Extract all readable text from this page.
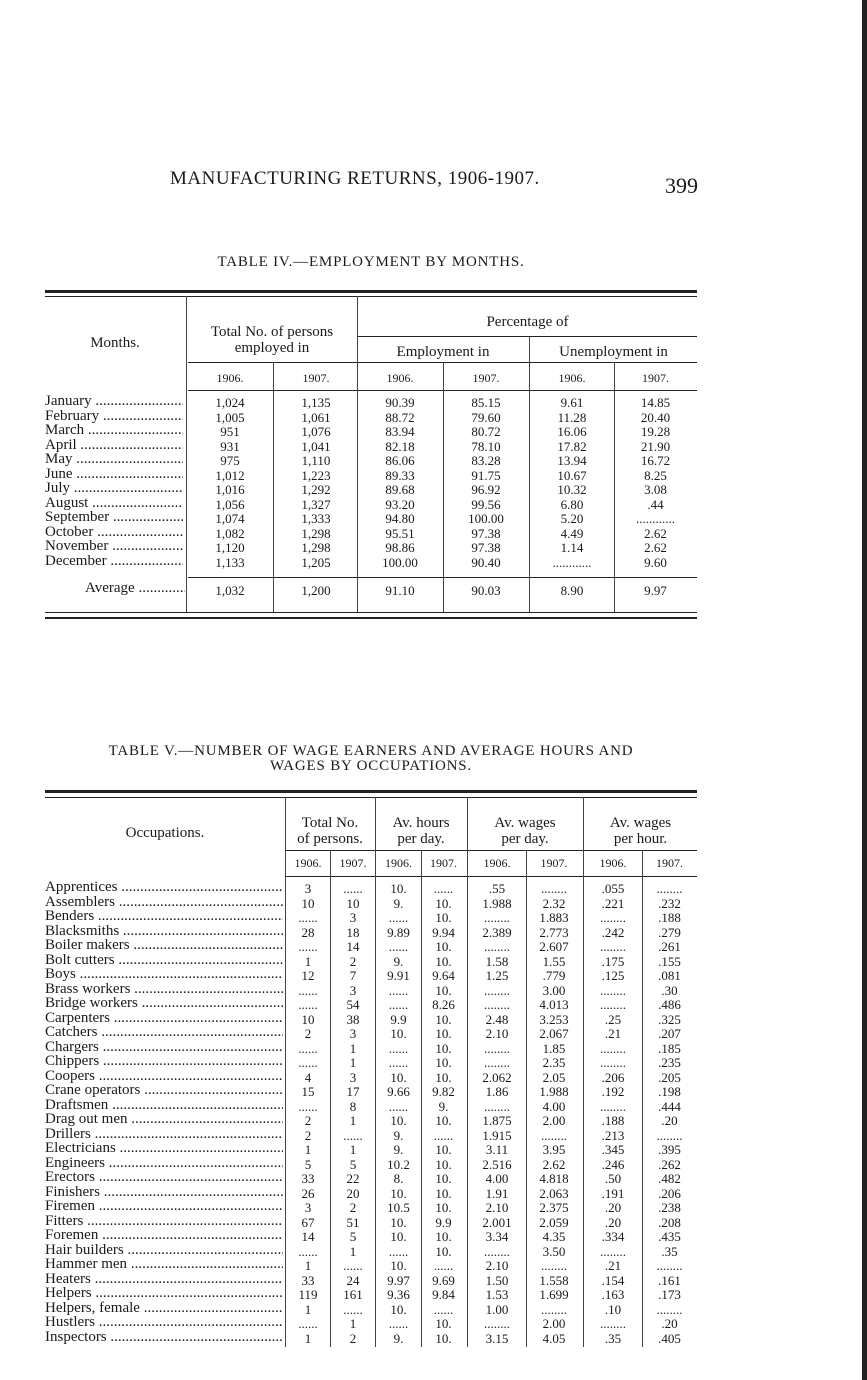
MANUFACTURING RETURNS, 1906-1907.	399
TABLE IV.—EMPLOYMENT BY MONTHS.
Months.
Total No. of persons employed in
Percentage of
Employment in	Unemployment in
1906.	1907.	1906.	1907.	1906.	1907.
January .....	1,024	1,135	90.39	85.15	9.61	14.85
February .....	1,005	1,061	88.72	79.60	11.28	20.40
March .....	951	1,076	83.94	80.72	16.06	19.28
April .....	931	1,041	82.18	78.10	17.82	21.90
May .....	975	1,110	86.06	83.28	13.94	16.72
June .....	1,012	1,223	89.33	91.75	10.67	8.25
July .....	1,016	1,292	89.68	96.92	10.32	3.08
August .....	1,056	1,327	93.20	99.56	6.80	.44
September .....	1,074	1,333	94.80	100.00	5.20	............
October .....	1,082	1,298	95.51	97.38	4.49	2.62
November .....	1,120	1,298	98.86	97.38	1.14	2.62
December .....	1,133	1,205	100.00	90.40	............	9.60
Average .....	1,032	1,200	91.10	90.03	8.90	9.97
TABLE V.—NUMBER OF WAGE EARNERS AND AVERAGE HOURS AND
WAGES BY OCCUPATIONS.
Occupations.
Total No.
of persons.
Av. hours
per day.
Av. wages
per day.
Av. wages
per hour.
1906.	1907.	1906.	1907.	1906.	1907.	1906.	1907.
Apprentices .....	3	......	10.	......	.55	........	.055	........
Assemblers .....	10	10	9.	10.	1.988	2.32	.221	.232
Benders .....	......	3	......	10.	........	1.883	........	.188
Blacksmiths .....	28	18	9.89	9.94	2.389	2.773	.242	.279
Boiler makers .....	......	14	......	10.	........	2.607	........	.261
Bolt cutters .....	1	2	9.	10.	1.58	1.55	.175	.155
Boys .....	12	7	9.91	9.64	1.25	.779	.125	.081
Brass workers .....	......	3	......	10.	........	3.00	........	.30
Bridge workers .....	......	54	......	8.26	........	4.013	........	.486
Carpenters .....	10	38	9.9	10.	2.48	3.253	.25	.325
Catchers .....	2	3	10.	10.	2.10	2.067	.21	.207
Chargers .....	......	1	......	10.	........	1.85	........	.185
Chippers .....	......	1	......	10.	........	2.35	........	.235
Coopers .....	4	3	10.	10.	2.062	2.05	.206	.205
Crane operators .....	15	17	9.66	9.82	1.86	1.988	.192	.198
Draftsmen .....	......	8	......	9.	........	4.00	........	.444
Drag out men .....	2	1	10.	10.	1.875	2.00	.188	.20
Drillers .....	2	......	9.	......	1.915	........	.213	........
Electricians .....	1	1	9.	10.	3.11	3.95	.345	.395
Engineers .....	5	5	10.2	10.	2.516	2.62	.246	.262
Erectors .....	33	22	8.	10.	4.00	4.818	.50	.482
Finishers .....	26	20	10.	10.	1.91	2.063	.191	.206
Firemen .....	3	2	10.5	10.	2.10	2.375	.20	.238
Fitters .....	67	51	10.	9.9	2.001	2.059	.20	.208
Foremen .....	14	5	10.	10.	3.34	4.35	.334	.435
Hair builders .....	......	1	......	10.	........	3.50	........	.35
Hammer men .....	1	......	10.	......	2.10	........	.21	........
Heaters .....	33	24	9.97	9.69	1.50	1.558	.154	.161
Helpers .....	119	161	9.36	9.84	1.53	1.699	.163	.173
Helpers, female .....	1	......	10.	......	1.00	........	.10	........
Hustlers .....	......	1	......	10.	........	2.00	........	.20
Inspectors .....	1	2	9.	10.	3.15	4.05	.35	.405
